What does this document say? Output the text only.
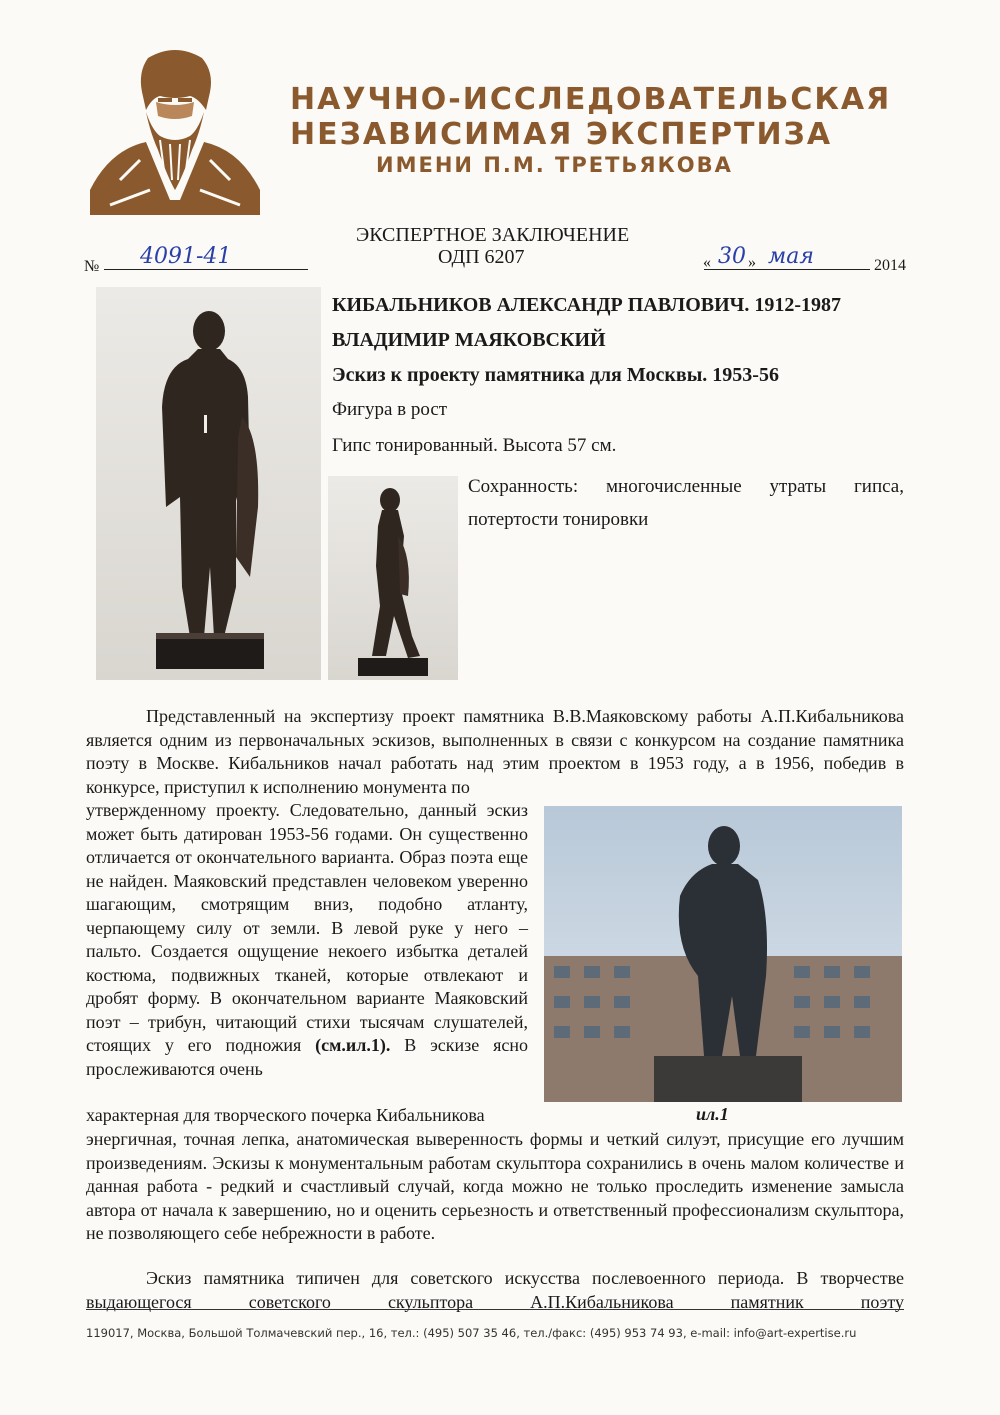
НАУЧНО-ИССЛЕДОВАТЕЛЬСКАЯ
НЕЗАВИСИМАЯ ЭКСПЕРТИЗА
ИМЕНИ П.М. ТРЕТЬЯКОВА
ЭКСПЕРТНОЕ ЗАКЛЮЧЕНИЕ
ОДП 6207
№ 4091-41	« 30 » мая	2014
КИБАЛЬНИКОВ АЛЕКСАНДР ПАВЛОВИЧ. 1912-1987
ВЛАДИМИР МАЯКОВСКИЙ
Эскиз к проекту памятника для Москвы. 1953-56
Фигура в рост
Гипс тонированный. Высота 57 см.
Сохранность: многочисленные утраты гипса, потертости тонировки
Представленный на экспертизу проект памятника В.В.Маяковскому работы А.П.Кибальникова является одним из первоначальных эскизов, выполненных в связи с конкурсом на создание памятника поэту в Москве. Кибальников начал работать над этим проектом в 1953 году, а в 1956, победив в конкурсе, приступил к исполнению монумента по
утвержденному проекту. Следовательно, данный эскиз может быть датирован 1953-56 годами. Он существенно отличается от окончательного варианта. Образ поэта еще не найден. Маяковский представлен человеком уверенно шагающим, смотрящим вниз, подобно атланту, черпающему силу от земли. В левой руке у него – пальто. Создается ощущение некоего избытка деталей костюма, подвижных тканей, которые отвлекают и дробят форму. В окончательном варианте Маяковский поэт – трибун, читающий стихи тысячам слушателей, стоящих у его подножия (см.ил.1). В эскизе ясно прослеживаются очень
характерная для творческого почерка Кибальникова	ил.1
энергичная, точная лепка, анатомическая выверенность формы и четкий силуэт, присущие его лучшим произведениям. Эскизы к монументальным работам скульптора сохранились в очень малом количестве и данная работа - редкий и счастливый случай, когда можно не только проследить изменение замысла автора от начала к завершению, но и оценить серьезность и ответственный профессионализм скульптора, не позволяющего себе небрежности в работе.
Эскиз памятника типичен для советского искусства послевоенного периода. В творчестве выдающегося советского скульптора А.П.Кибальникова памятник поэту
119017, Москва, Большой Толмачевский пер., 16, тел.: (495) 507 35 46, тел./факс: (495) 953 74 93, e-mail: info@art-expertise.ru
